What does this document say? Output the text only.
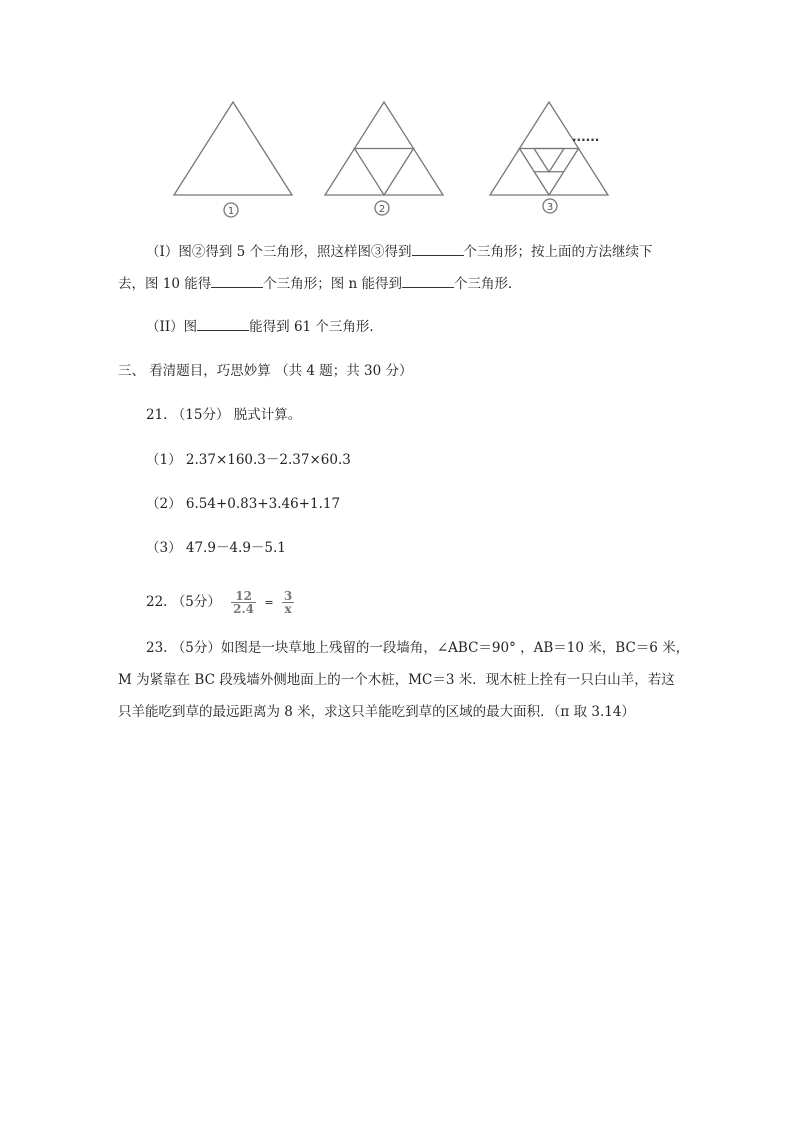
1	2	3
......
（I）图②得到 5 个三角形，照这样图③得到	个三角形；按上面的方法继续下
去，图 10 能得	个三角形；图 n 能得到	个三角形．
（II）图	能得到 61 个三角形．
三、 看清题目，巧思妙算 （共 4 题；共 30 分）
21. （15分） 脱式计算。
（1） 2.37×160.3－2.37×60.3
（2） 6.54+0.83+3.46+1.17
（3） 47.9－4.9－5.1
22. （5分） $\frac{12}{2.4} = \frac{3}{x}$
23. （5分）如图是一块草地上残留的一段墙角，∠ABC＝90° ，AB＝10 米，BC＝6 米，
M 为紧靠在 BC 段残墙外侧地面上的一个木桩，MC＝3 米．现木桩上拴有一只白山羊，若这
只羊能吃到草的最远距离为 8 米，求这只羊能吃到草的区域的最大面积．（π 取 3.14）
